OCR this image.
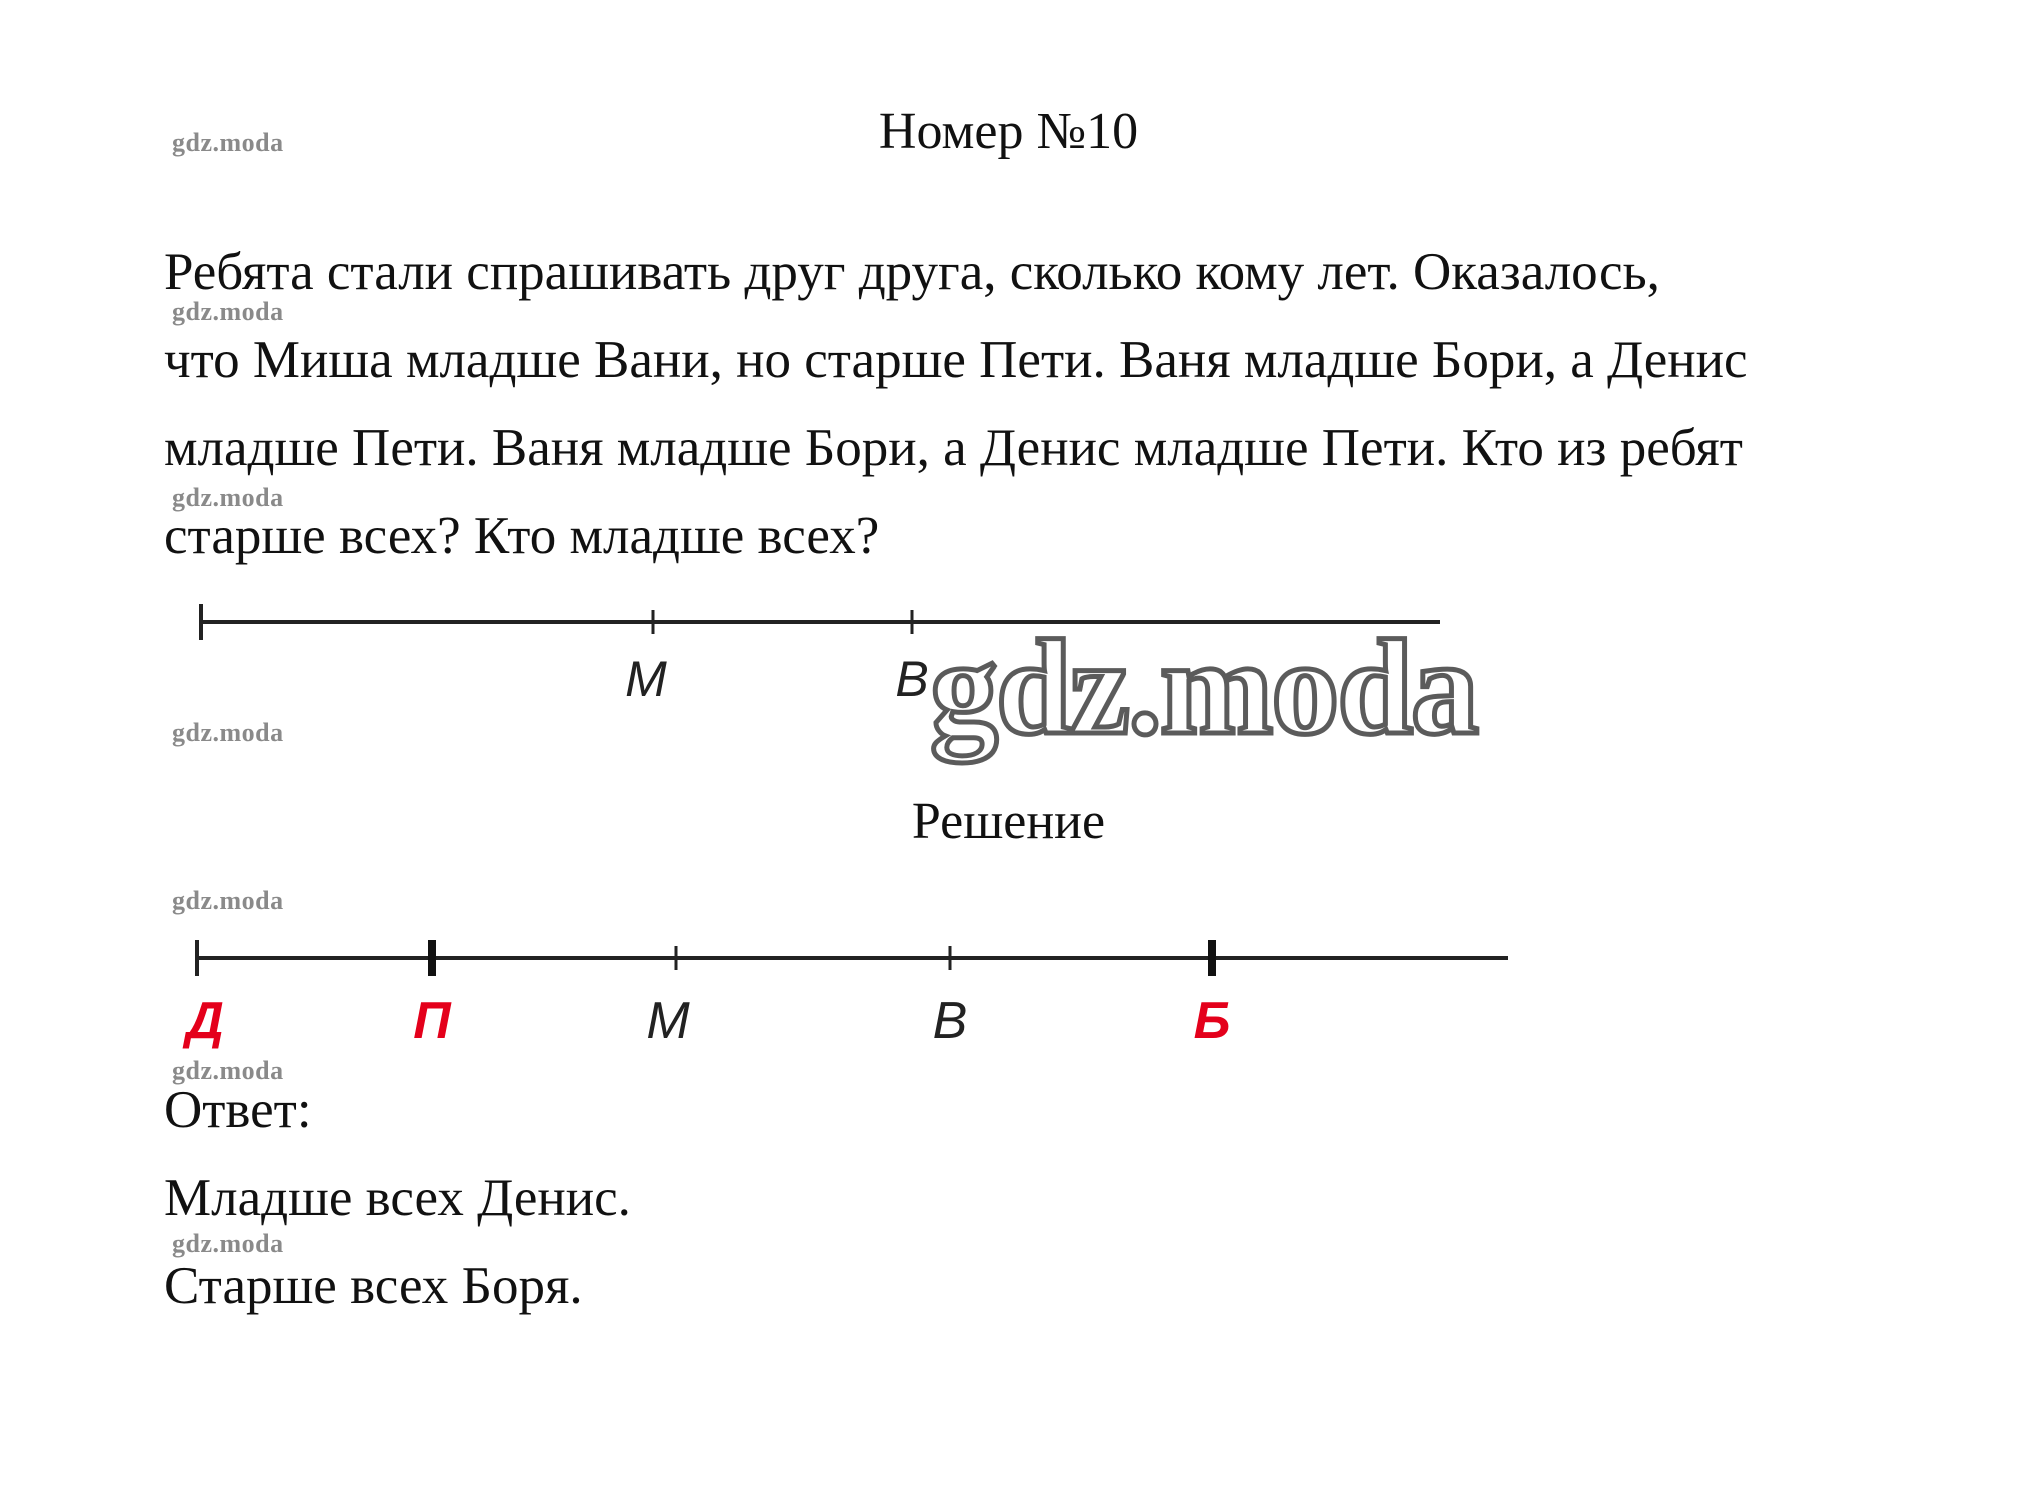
Номер №10
gdz.moda
gdz.moda
gdz.moda
gdz.moda
gdz.moda
gdz.moda
gdz.moda
Ребята стали спрашивать друг друга, сколько кому лет. Оказалось,
что Миша младше Вани, но старше Пети. Ваня младше Бори, а Денис
младше Пети. Ваня младше Бори, а Денис младше Пети. Кто из ребят
старше всех? Кто младше всех?
М	В gdz.moda
Решение
Д	П	М	В	Б
Ответ:
Младше всех Денис.
Старше всех Боря.
